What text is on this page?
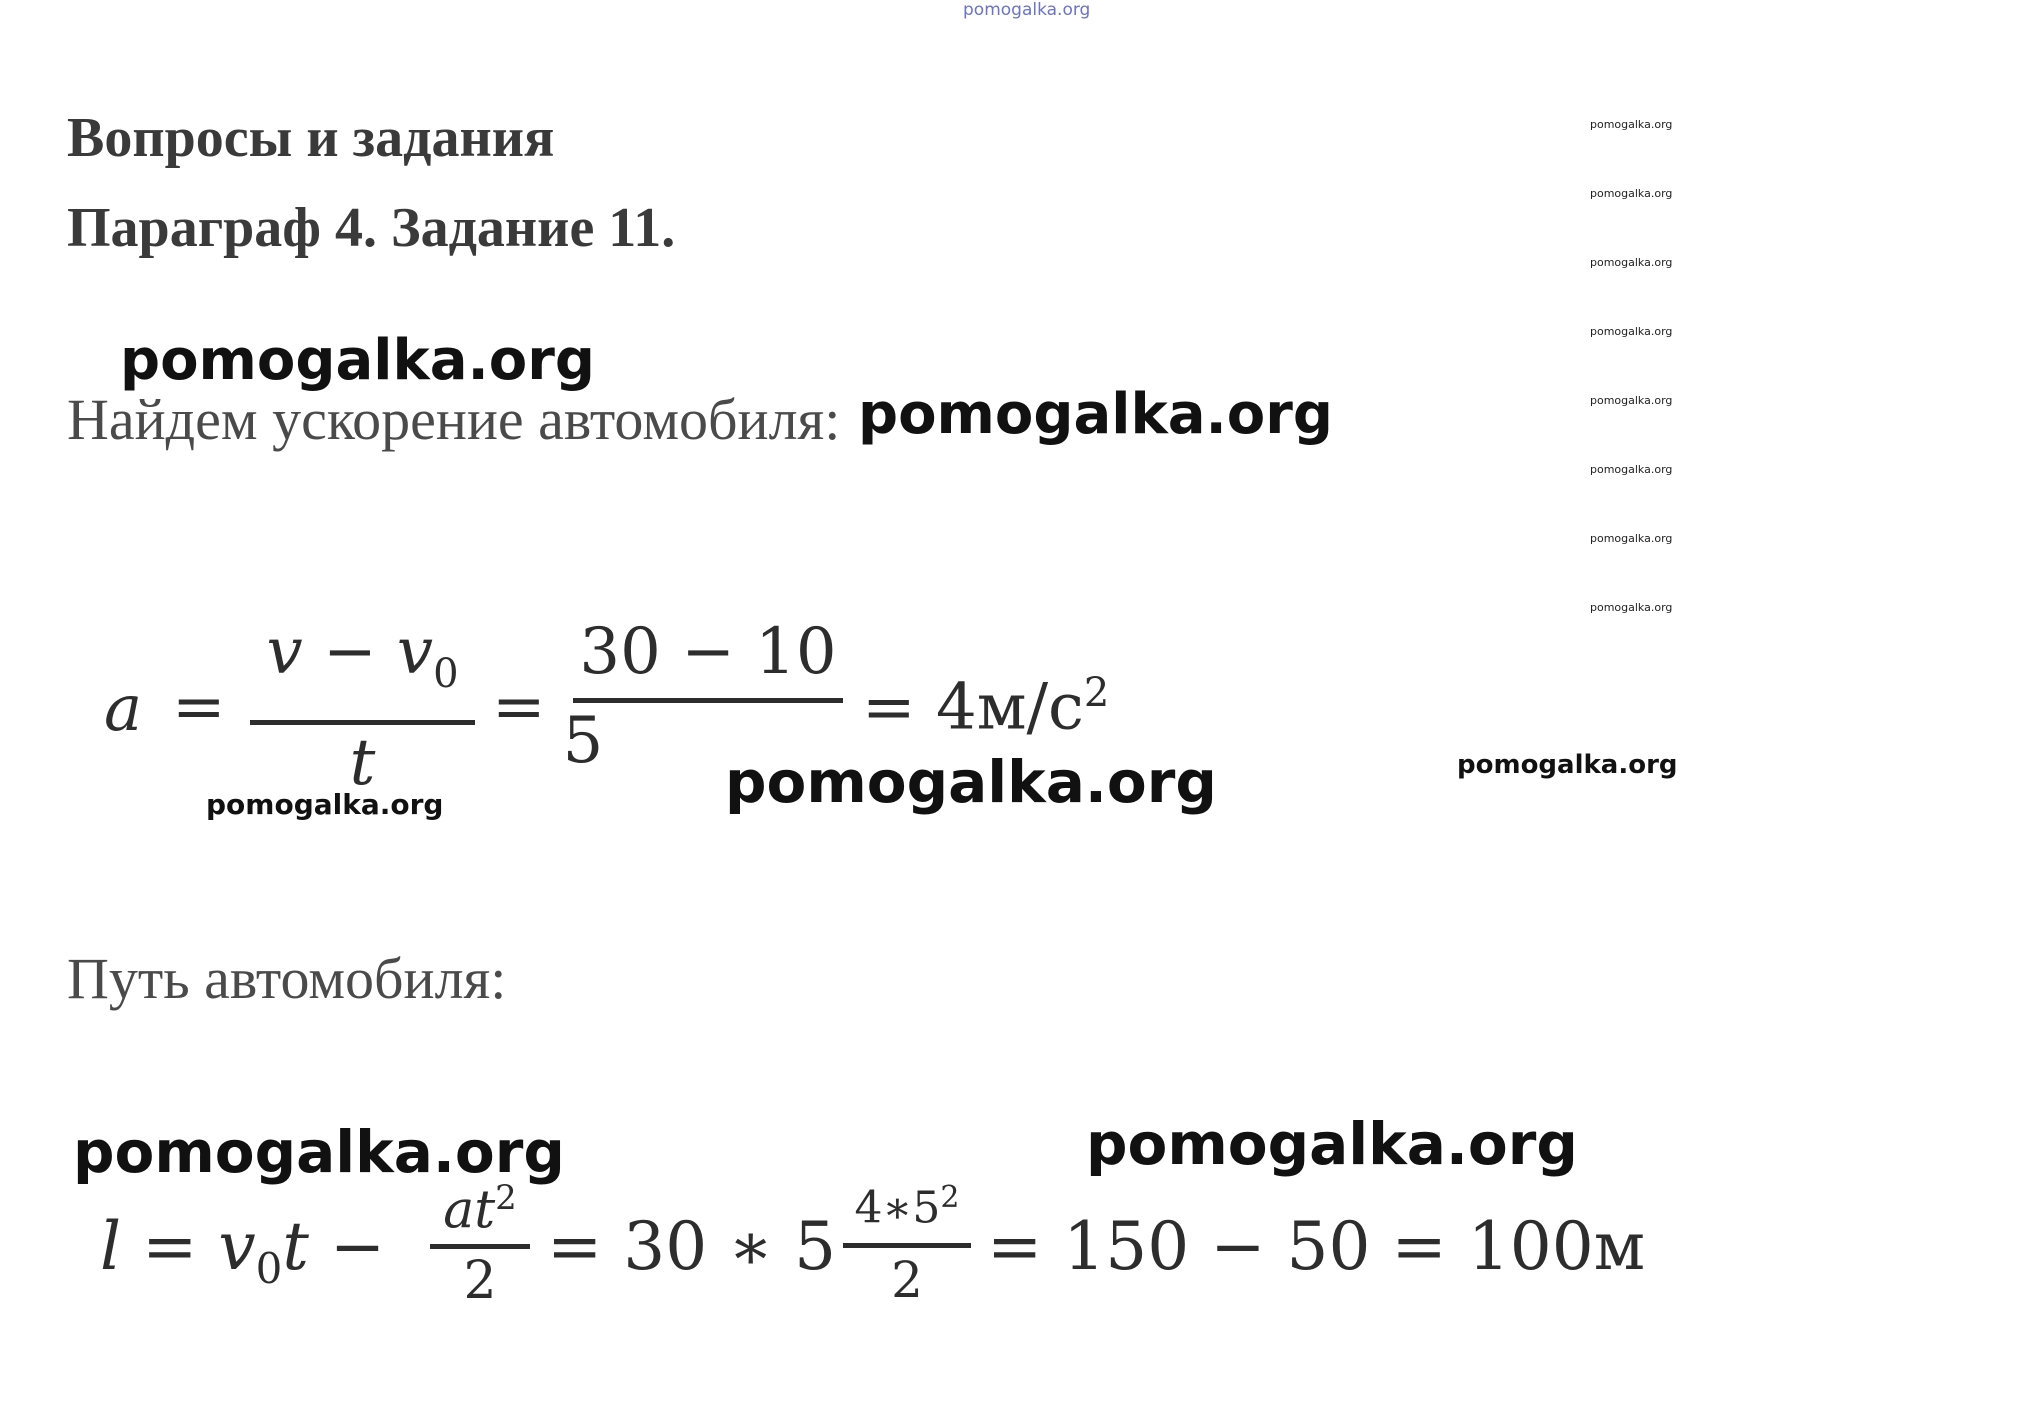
pomogalka.org
Вопросы и задания
Параграф 4. Задание 11.
pomogalka.org
Найдем ускорение автомобиля: pomogalka.org
pomogalka.org
pomogalka.org
pomogalka.org
pomogalka.org
pomogalka.org
pomogalka.org
pomogalka.org
pomogalka.org
a =
$v - v_0$
t
=
30 − 10
5	= $4м/с^2$
pomogalka.org
pomogalka.org
pomogalka.org
Путь автомобиля:
pomogalka.org	pomogalka.org
$l = v_0t - at^2$
2 = 30 ∗ 5 $4∗5^2$
2 = 150 − 50 = 100м
